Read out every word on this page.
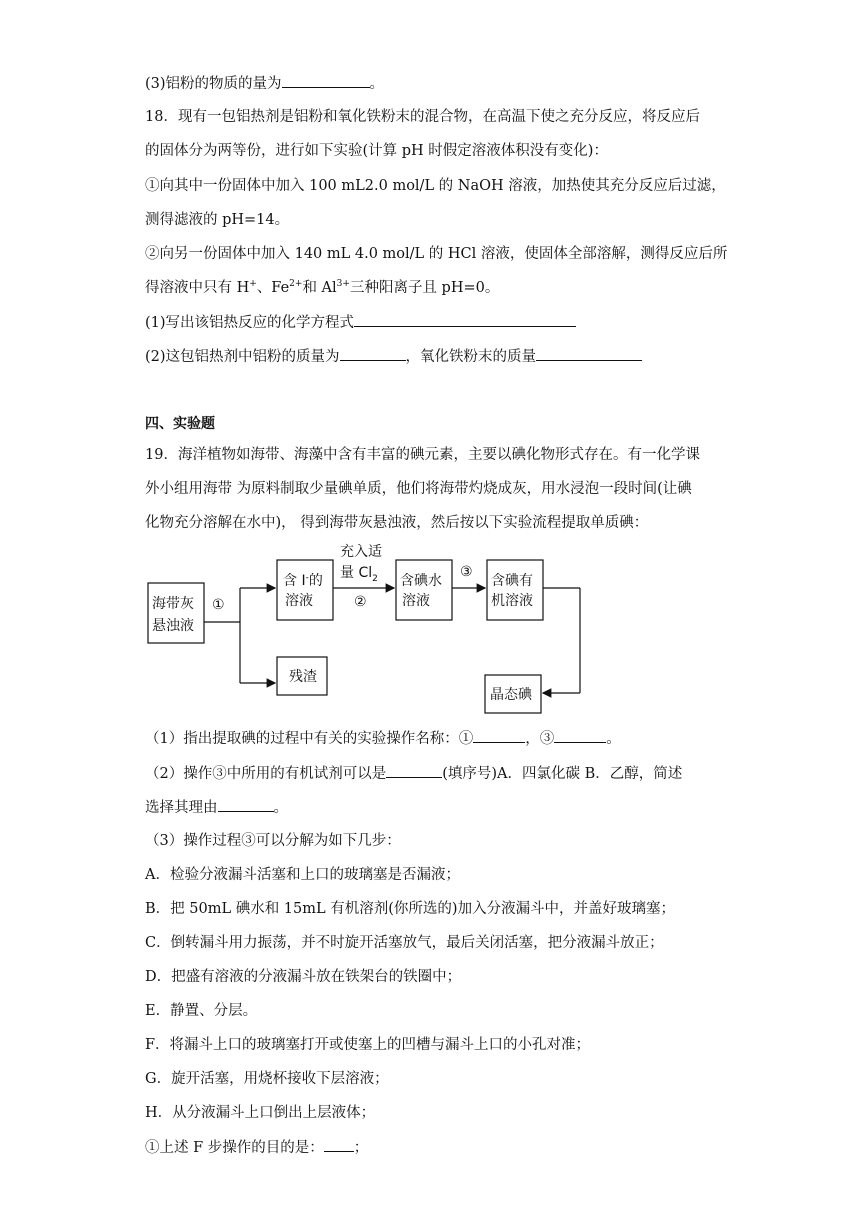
(3)铝粉的物质的量为	。
18．现有一包铝热剂是铝粉和氧化铁粉末的混合物，在高温下使之充分反应，将反应后
的固体分为两等份，进行如下实验(计算 pH 时假定溶液体积没有变化)：
①向其中一份固体中加入 100 mL2.0 mol/L 的 NaOH 溶液，加热使其充分反应后过滤，
测得滤液的 pH=14。
②向另一份固体中加入 140 mL 4.0 mol/L 的 HCl 溶液，使固体全部溶解，测得反应后所
得溶液中只有 H+、$Fe^{2+}$和 $Al^{3+}$三种阳离子且 pH=0。
(1)写出该铝热反应的化学方程式
(2)这包铝热剂中铝粉的质量为	，氧化铁粉末的质量
四、实验题
19．海洋植物如海带、海藻中含有丰富的碘元素，主要以碘化物形式存在。有一化学课
外小组用海带 为原料制取少量碘单质，他们将海带灼烧成灰，用水浸泡一段时间(让碘
化物充分溶解在水中)， 得到海带灰悬浊液，然后按以下实验流程提取单质碘：
海带灰
悬浊液
含 I-的
溶液
含碘水
溶液
含碘有
机溶液
残渣
晶态碘
①	②
③
充入适
量 $Cl_2$
（1）指出提取碘的过程中有关的实验操作名称：①	，③	。
（2）操作③中所用的有机试剂可以是	(填序号)A．四氯化碳 B．乙醇，简述
选择其理由	。
（3）操作过程③可以分解为如下几步：
A．检验分液漏斗活塞和上口的玻璃塞是否漏液；
B．把 50mL 碘水和 15mL 有机溶剂(你所选的)加入分液漏斗中，并盖好玻璃塞；
C．倒转漏斗用力振荡，并不时旋开活塞放气，最后关闭活塞，把分液漏斗放正；
D．把盛有溶液的分液漏斗放在铁架台的铁圈中；
E．静置、分层。
F．将漏斗上口的玻璃塞打开或使塞上的凹槽与漏斗上口的小孔对准；
G．旋开活塞，用烧杯接收下层溶液；
H．从分液漏斗上口倒出上层液体；
①上述 F 步操作的目的是： ；
